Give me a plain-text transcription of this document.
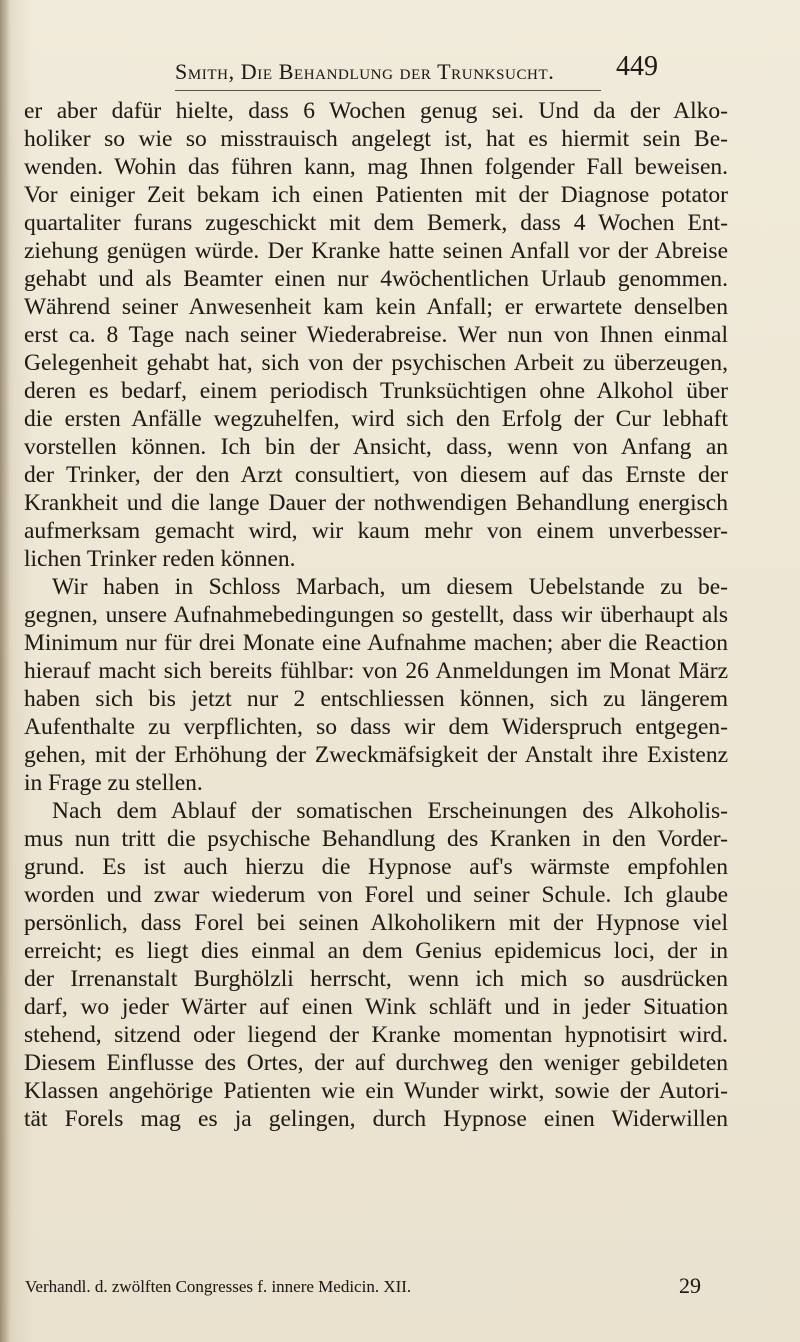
Smith, Die Behandlung der Trunksucht. 449
er aber dafür hielte, dass 6 Wochen genug sei. Und da der Alko-
holiker so wie so misstrauisch angelegt ist, hat es hiermit sein Be-
wenden. Wohin das führen kann, mag Ihnen folgender Fall beweisen.
Vor einiger Zeit bekam ich einen Patienten mit der Diagnose potator
quartaliter furans zugeschickt mit dem Bemerk, dass 4 Wochen Ent-
ziehung genügen würde. Der Kranke hatte seinen Anfall vor der Abreise
gehabt und als Beamter einen nur 4wöchentlichen Urlaub genommen.
Während seiner Anwesenheit kam kein Anfall; er erwartete denselben
erst ca. 8 Tage nach seiner Wiederabreise. Wer nun von Ihnen einmal
Gelegenheit gehabt hat, sich von der psychischen Arbeit zu überzeugen,
deren es bedarf, einem periodisch Trunksüchtigen ohne Alkohol über
die ersten Anfälle wegzuhelfen, wird sich den Erfolg der Cur lebhaft
vorstellen können. Ich bin der Ansicht, dass, wenn von Anfang an
der Trinker, der den Arzt consultiert, von diesem auf das Ernste der
Krankheit und die lange Dauer der nothwendigen Behandlung energisch
aufmerksam gemacht wird, wir kaum mehr von einem unverbesser-
lichen Trinker reden können.
Wir haben in Schloss Marbach, um diesem Uebelstande zu be-
gegnen, unsere Aufnahmebedingungen so gestellt, dass wir überhaupt als
Minimum nur für drei Monate eine Aufnahme machen; aber die Reaction
hierauf macht sich bereits fühlbar: von 26 Anmeldungen im Monat März
haben sich bis jetzt nur 2 entschliessen können, sich zu längerem
Aufenthalte zu verpflichten, so dass wir dem Widerspruch entgegen-
gehen, mit der Erhöhung der Zweckmäfsigkeit der Anstalt ihre Existenz
in Frage zu stellen.
Nach dem Ablauf der somatischen Erscheinungen des Alkoholis-
mus nun tritt die psychische Behandlung des Kranken in den Vorder-
grund. Es ist auch hierzu die Hypnose auf's wärmste empfohlen
worden und zwar wiederum von Forel und seiner Schule. Ich glaube
persönlich, dass Forel bei seinen Alkoholikern mit der Hypnose viel
erreicht; es liegt dies einmal an dem Genius epidemicus loci, der in
der Irrenanstalt Burghölzli herrscht, wenn ich mich so ausdrücken
darf, wo jeder Wärter auf einen Wink schläft und in jeder Situation
stehend, sitzend oder liegend der Kranke momentan hypnotisirt wird.
Diesem Einflusse des Ortes, der auf durchweg den weniger gebildeten
Klassen angehörige Patienten wie ein Wunder wirkt, sowie der Autori-
tät Forels mag es ja gelingen, durch Hypnose einen Widerwillen
Verhandl. d. zwölften Congresses f. innere Medicin. XII.	29
